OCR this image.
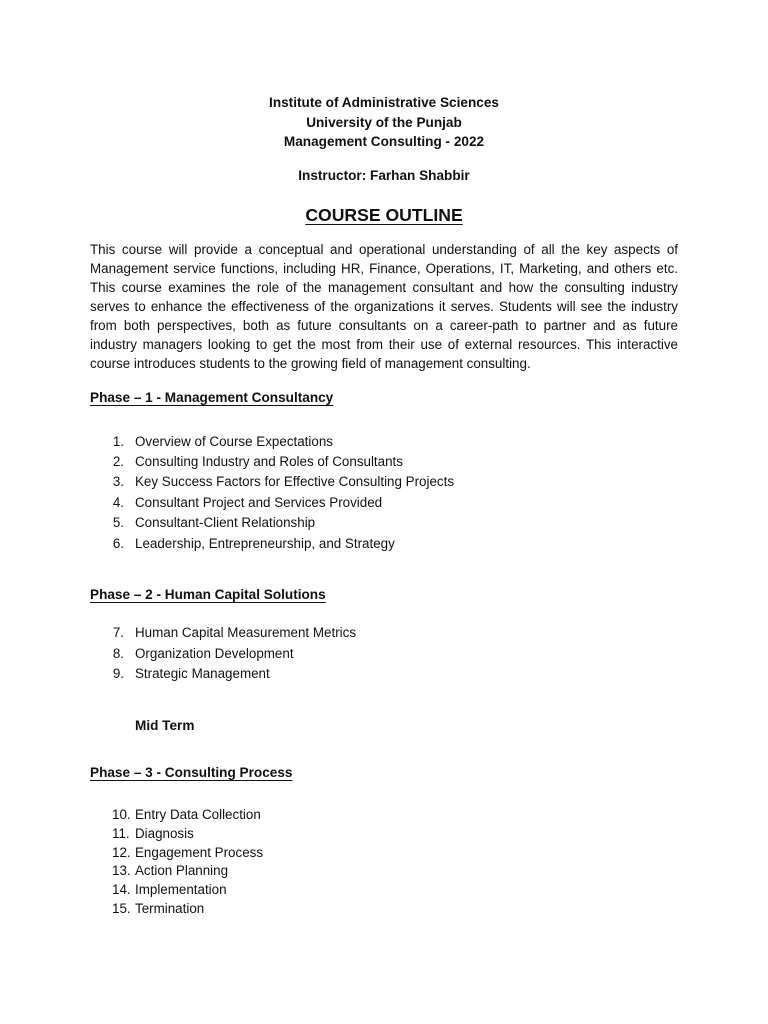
Institute of Administrative Sciences
University of the Punjab
Management Consulting - 2022
Instructor: Farhan Shabbir
COURSE OUTLINE
This course will provide a conceptual and operational understanding of all the key aspects of
Management service functions, including HR, Finance, Operations, IT, Marketing, and others etc.
This course examines the role of the management consultant and how the consulting industry
serves to enhance the effectiveness of the organizations it serves. Students will see the industry
from both perspectives, both as future consultants on a career-path to partner and as future
industry managers looking to get the most from their use of external resources. This interactive
course introduces students to the growing field of management consulting.
Phase – 1 - Management Consultancy
1. Overview of Course Expectations
2. Consulting Industry and Roles of Consultants
3. Key Success Factors for Effective Consulting Projects
4. Consultant Project and Services Provided
5. Consultant-Client Relationship
6. Leadership, Entrepreneurship, and Strategy
Phase – 2 - Human Capital Solutions
7. Human Capital Measurement Metrics
8. Organization Development
9. Strategic Management
Mid Term
Phase – 3 - Consulting Process
10. Entry Data Collection
11. Diagnosis
12. Engagement Process
13. Action Planning
14. Implementation
15. Termination
